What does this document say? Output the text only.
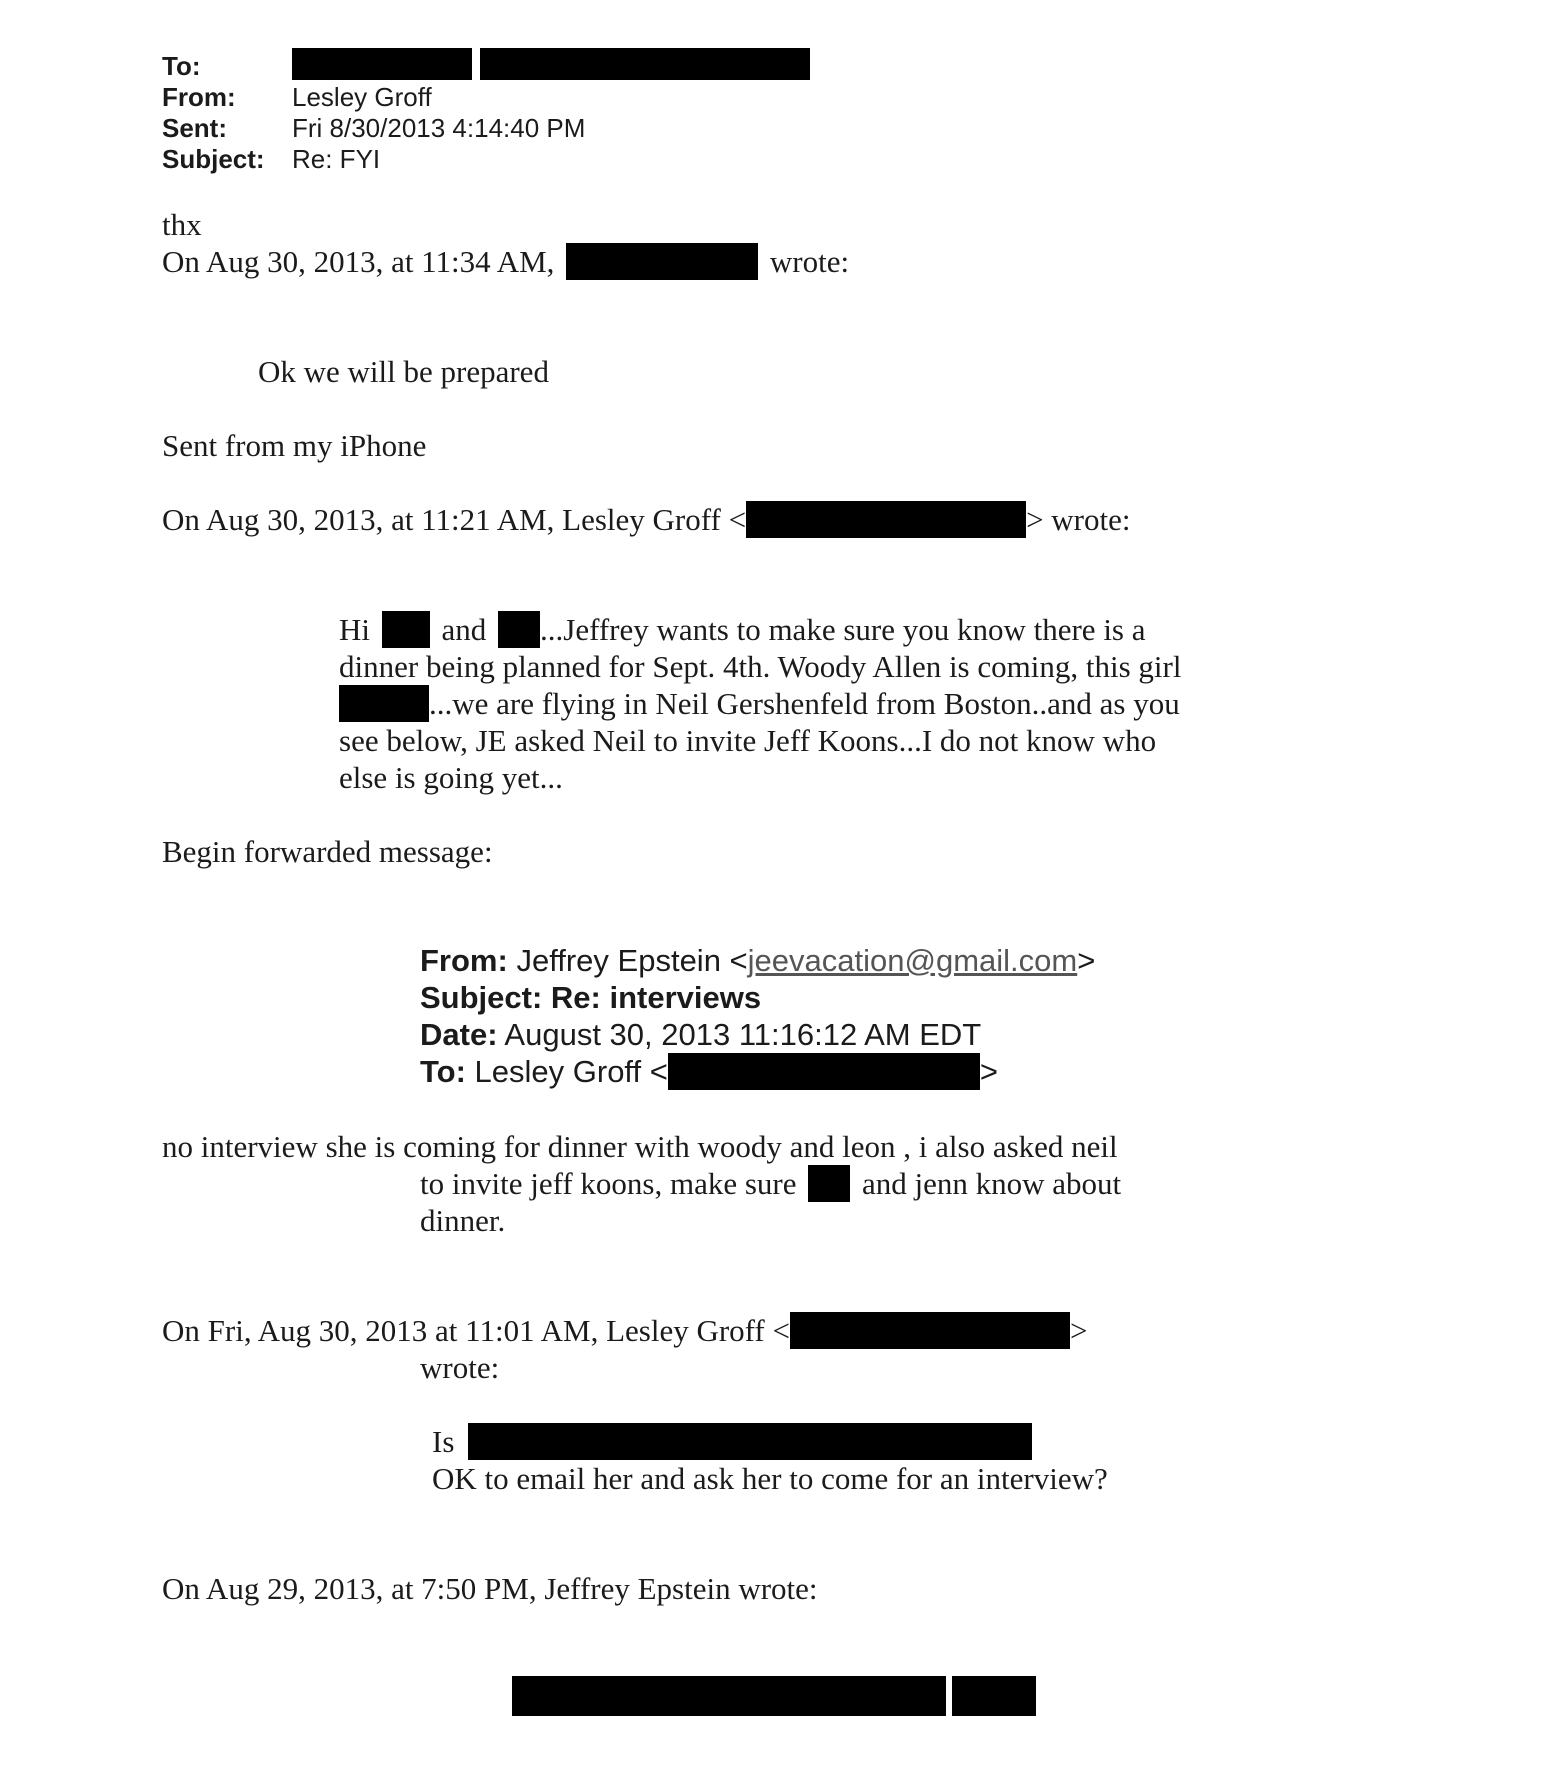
To:
From: Lesley Groff
Sent:	Fri 8/30/2013 4:14:40 PM
Subject: Re: FYI
thx
On Aug 30, 2013, at 11:34 AM,	wrote:
Ok we will be prepared
Sent from my iPhone
On Aug 30, 2013, at 11:21 AM, Lesley Groff <	> wrote:
Hi and ...Jeffrey wants to make sure you know there is a
dinner being planned for Sept. 4th. Woody Allen is coming, this girl
...we are flying in Neil Gershenfeld from Boston..and as you
see below, JE asked Neil to invite Jeff Koons...I do not know who
else is going yet...
Begin forwarded message:
From: Jeffrey Epstein <jeevacation@gmail.com>
Subject: Re: interviews
Date: August 30, 2013 11:16:12 AM EDT
To: Lesley Groff <	>
no interview she is coming for dinner with woody and leon , i also asked neil
to invite jeff koons, make sure and jenn know about
dinner.
On Fri, Aug 30, 2013 at 11:01 AM, Lesley Groff <	>
wrote:
Is
OK to email her and ask her to come for an interview?
On Aug 29, 2013, at 7:50 PM, Jeffrey Epstein wrote:
